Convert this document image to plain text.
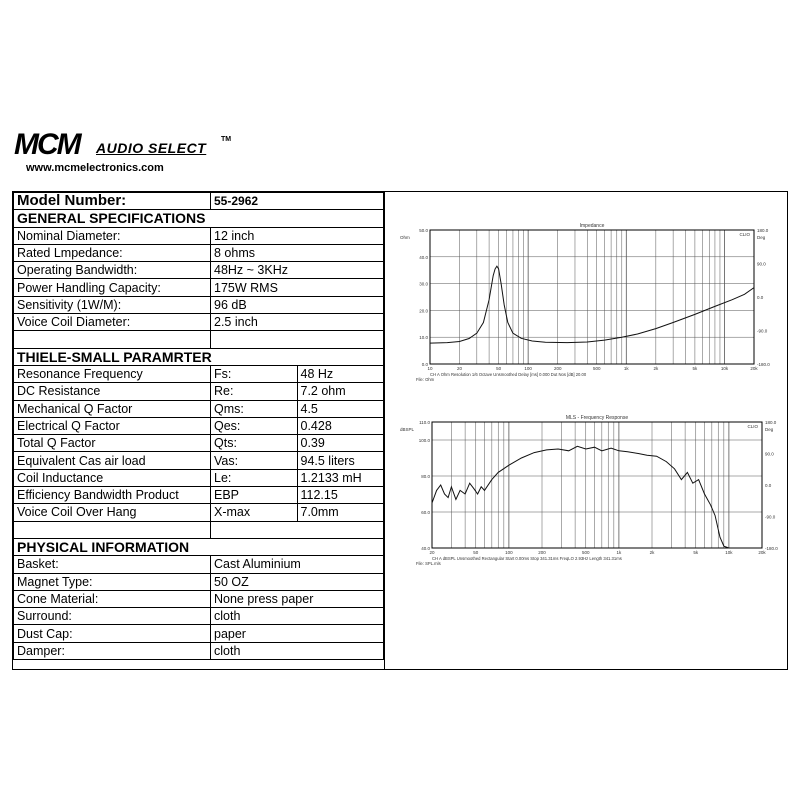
MCM AUDIO SELECT
TM
www.mcmelectronics.com
Model Number:	55-2962	
GENERAL SPECIFICATIONS		
Nominal Diameter:	12 inch	
Rated Lmpedance:	8 ohms	
Operating Bandwidth:	48Hz ~ 3KHz	
Power Handling Capacity:	175W RMS	
Sensitivity (1W/M):	96 dB	
Voice Coil Diameter:	2.5 inch	

THIELE-SMALL PARAMRTER		
Resonance Frequency	Fs:	48 Hz
DC Resistance	Re:	7.2 ohm
Mechanical Q Factor	Qms:	4.5
Electrical Q Factor	Qes:	0.428
Total Q Factor	Qts:	0.39
Equivalent Cas air load	Vas:	94.5 liters
Coil Inductance	Le:	1.2133 mH
Efficiency Bandwidth Product	EBP	112.15
Voice Coil Over Hang	X-max	7.0mm

PHYSICAL INFORMATION		
Basket:	Cast Aluminium	
Magnet Type:	50 OZ	
Cone Material:	None press paper	
Surround:	cloth	
Dust Cap:	paper	
Damper:	cloth	
Impedance
CLIO
Ohm	Deg
0.0
10.0
20.0
30.0
40.0
50.0
-180.0
-90.0
0.0
90.0
180.0
10	20	50	100	200	500	1k	2k	5k	10k	20k
CH A Ohm Resolution 1/6 Octave Unsmoothed Delay [ms] 0.000 Dut Nos [dB] 20.00
File: Ohm
MLS - Frequency Response
CLIO
dBSPL	Deg
40.0
60.0
80.0
100.0
110.0
-180.0
-90.0
0.0
90.0
180.0
20	50	100	200	500	1k	2k	5k	10k	20k
CH A dBSPL Unsmoothed Rectangular Start 0.00ms Stop 341.31ms FreqLO 2.93Hz Length 341.31ms
File: SPL.mls
